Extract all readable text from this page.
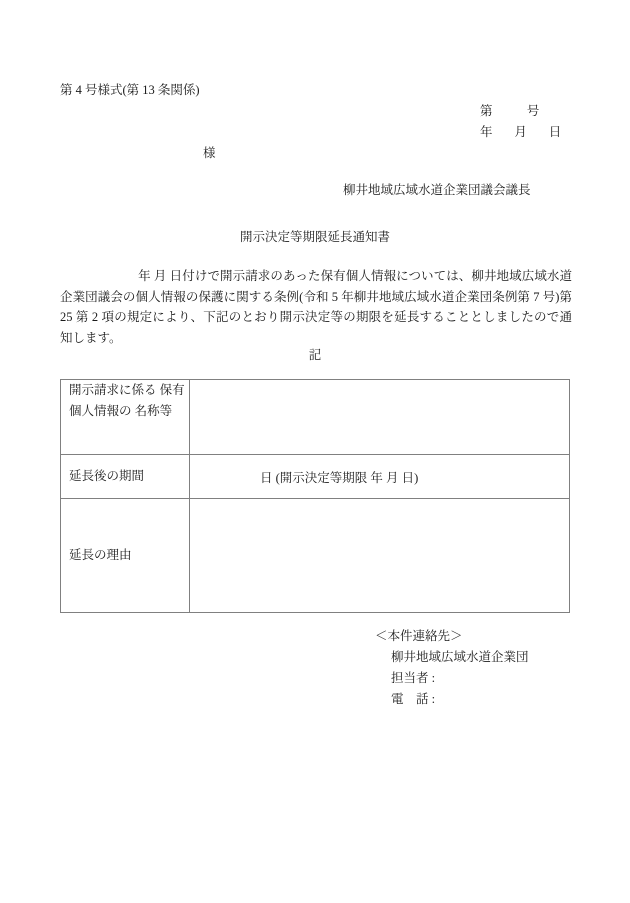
第 4 号様式(第 13 条関係)
第           号
年       月       日
様
柳井地域広域水道企業団議会議長
開示決定等期限延長通知書
年 月 日付けで開示請求のあった保有個人情報については、柳井地域広域水道企業団議会の個人情報の保護に関する条例(令和 5 年柳井地域広域水道企業団条例第 7 号)第 25 第 2 項の規定により、下記のとおり開示決定等の期限を延長することとしましたので通知します。
記
開示請求に係る 保有個人情報の 名称等	
延長後の期間	日 (開示決定等期限 年 月 日)
延長の理由	
＜本件連絡先＞
柳井地域広域水道企業団
担当者 :
電　話 :
